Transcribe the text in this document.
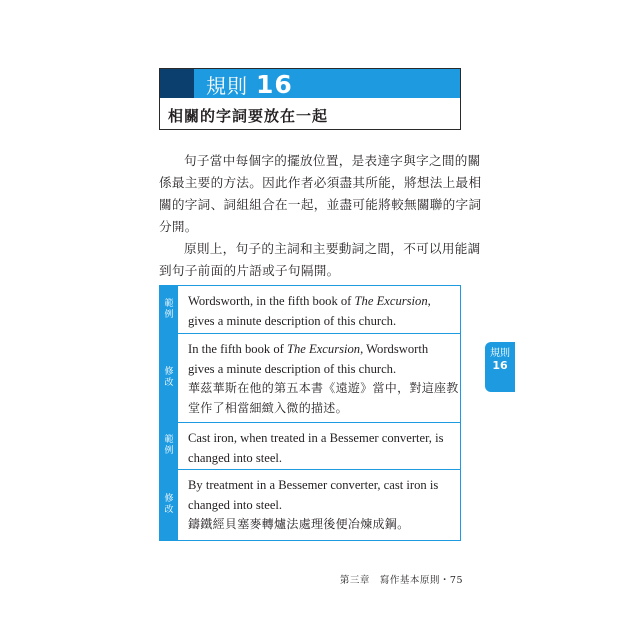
規則 16
相關的字詞要放在一起
句子當中每個字的擺放位置，是表達字與字之間的關
係最主要的方法。因此作者必須盡其所能，將想法上最相
關的字詞、詞組組合在一起，並盡可能將較無關聯的字詞
分開。
原則上，句子的主詞和主要動詞之間，不可以用能調
到句子前面的片語或子句隔開。
範
例
Wordsworth, in the fifth book of The Excursion,
gives a minute description of this church.
修
改
In the fifth book of The Excursion, Wordsworth
gives a minute description of this church.
華茲華斯在他的第五本書《遠遊》當中，對這座教
堂作了相當細緻入微的描述。
範
例
Cast iron, when treated in a Bessemer converter, is
changed into steel.
修
改
By treatment in a Bessemer converter, cast iron is
changed into steel.
鑄鐵經貝塞麥轉爐法處理後便冶煉成鋼。
規則
16
第三章　寫作基本原則・75
